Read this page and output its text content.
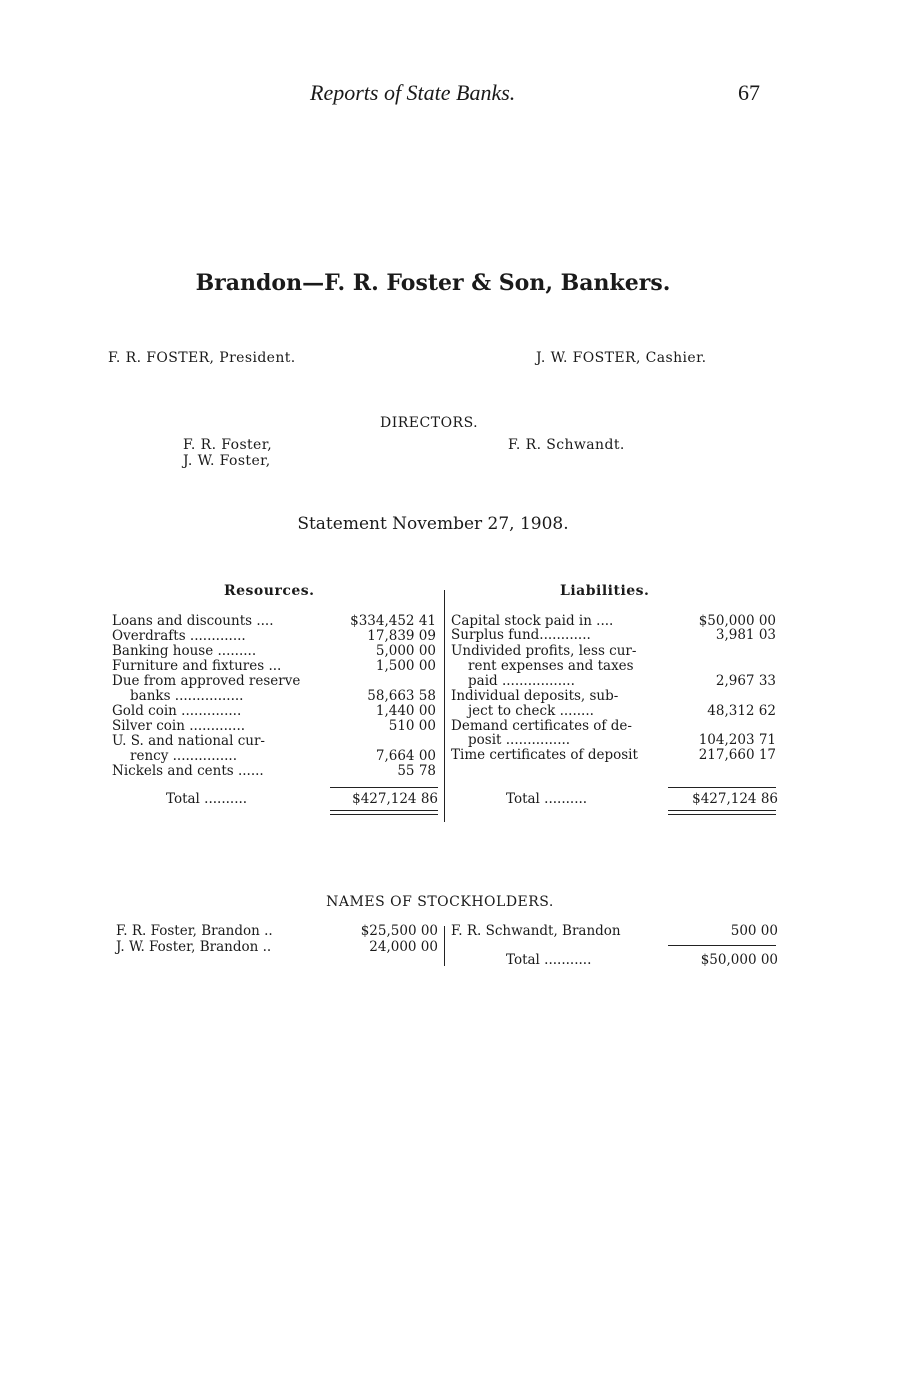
Reports of State Banks.	67
Brandon—F. R. Foster & Son, Bankers.
F. R. FOSTER, President.	J. W. FOSTER, Cashier.
DIRECTORS.
F. R. Foster,
J. W. Foster,
F. R. Schwandt.
Statement November 27, 1908.
Resources.	Liabilities.
Loans and discounts ....	$334,452 41
Overdrafts .............	17,839 09
Banking house .........	5,000 00
Furniture and fixtures ...	1,500 00
Due from approved reserve
banks ................	58,663 58
Gold coin ..............	1,440 00
Silver coin .............	510 00
U. S. and national cur-
rency ...............	7,664 00
Nickels and cents ......	55 78
Total ..........	$427,124 86
Capital stock paid in ....	$50,000 00
Surplus fund............	3,981 03
Undivided profits, less cur-
rent expenses and taxes
paid .................	2,967 33
Individual deposits, sub-
ject to check ........	48,312 62
Demand certificates of de-
posit ...............	104,203 71
Time certificates of deposit	217,660 17
Total ..........	$427,124 86
NAMES OF STOCKHOLDERS.
F. R. Foster, Brandon ..	$25,500 00
J. W. Foster, Brandon ..	24,000 00
F. R. Schwandt, Brandon	500 00
Total ...........	$50,000 00
